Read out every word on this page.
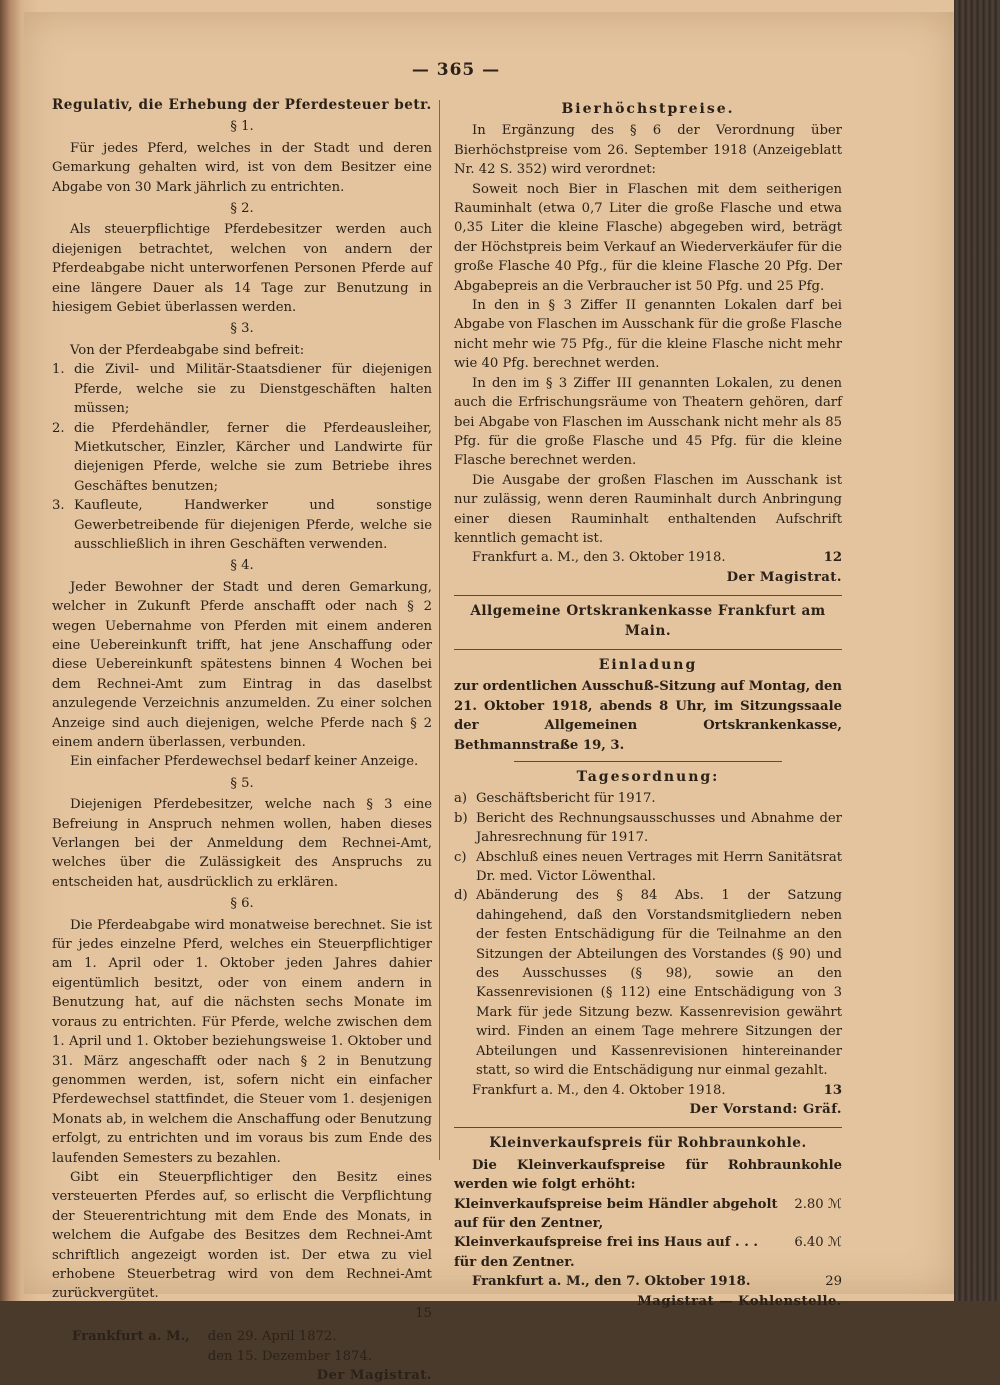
— 365 —
Regulativ, die Erhebung der Pferdesteuer betr.
§ 1.

Für jedes Pferd, welches in der Stadt und deren Gemarkung gehalten wird, ist von dem Besitzer eine Abgabe von 30 Mark jährlich zu entrichten.

§ 2.

Als steuerpflichtige Pferdebesitzer werden auch diejenigen betrachtet, welchen von andern der Pferdeabgabe nicht unterworfenen Personen Pferde auf eine längere Dauer als 14 Tage zur Benutzung in hiesigem Gebiet überlassen werden.

§ 3.

Von der Pferdeabgabe sind befreit:

1. die Zivil- und Militär-Staatsdiener für diejenigen Pferde, welche sie zu Dienstgeschäften halten müssen;
2. die Pferdehändler, ferner die Pferdeausleiher, Mietkutscher, Einzler, Kärcher und Landwirte für diejenigen Pferde, welche sie zum Betriebe ihres Geschäftes benutzen;
3. Kaufleute, Handwerker und sonstige Gewerbetreibende für diejenigen Pferde, welche sie ausschließlich in ihren Geschäften verwenden.
§ 4.

Jeder Bewohner der Stadt und deren Gemarkung, welcher in Zukunft Pferde anschafft oder nach § 2 wegen Uebernahme von Pferden mit einem anderen eine Uebereinkunft trifft, hat jene Anschaffung oder diese Uebereinkunft spätestens binnen 4 Wochen bei dem Rechnei-Amt zum Eintrag in das daselbst anzulegende Verzeichnis anzumelden. Zu einer solchen Anzeige sind auch diejenigen, welche Pferde nach § 2 einem andern überlassen, verbunden.

Ein einfacher Pferdewechsel bedarf keiner Anzeige.

§ 5.

Diejenigen Pferdebesitzer, welche nach § 3 eine Befreiung in Anspruch nehmen wollen, haben dieses Verlangen bei der Anmeldung dem Rechnei-Amt, welches über die Zulässigkeit des Anspruchs zu entscheiden hat, ausdrücklich zu erklären.

§ 6.

Die Pferdeabgabe wird monatweise berechnet. Sie ist für jedes einzelne Pferd, welches ein Steuerpflichtiger am 1. April oder 1. Oktober jeden Jahres dahier eigentümlich besitzt, oder von einem andern in Benutzung hat, auf die nächsten sechs Monate im voraus zu entrichten. Für Pferde, welche zwischen dem 1. April und 1. Oktober beziehungsweise 1. Oktober und 31. März angeschafft oder nach § 2 in Benutzung genommen werden, ist, sofern nicht ein einfacher Pferdewechsel stattfindet, die Steuer vom 1. desjenigen Monats ab, in welchem die Anschaffung oder Benutzung erfolgt, zu entrichten und im voraus bis zum Ende des laufenden Semesters zu bezahlen.

Gibt ein Steuerpflichtiger den Besitz eines versteuerten Pferdes auf, so erlischt die Verpflichtung der Steuerentrichtung mit dem Ende des Monats, in welchem die Aufgabe des Besitzes dem Rechnei-Amt schriftlich angezeigt worden ist. Der etwa zu viel erhobene Steuerbetrag wird von dem Rechnei-Amt zurückvergütet.

15
Frankfurt a. M., den 29. April 1872.
den 15. Dezember 1874.
Der Magistrat.
Bierhöchstpreise.

In Ergänzung des § 6 der Verordnung über Bierhöchstpreise vom 26. September 1918 (Anzeigeblatt Nr. 42 S. 352) wird verordnet:

Soweit noch Bier in Flaschen mit dem seitherigen Rauminhalt (etwa 0,7 Liter die große Flasche und etwa 0,35 Liter die kleine Flasche) abgegeben wird, beträgt der Höchstpreis beim Verkauf an Wiederverkäufer für die große Flasche 40 Pfg., für die kleine Flasche 20 Pfg. Der Abgabepreis an die Verbraucher ist 50 Pfg. und 25 Pfg.

In den in § 3 Ziffer II genannten Lokalen darf bei Abgabe von Flaschen im Ausschank für die große Flasche nicht mehr wie 75 Pfg., für die kleine Flasche nicht mehr wie 40 Pfg. berechnet werden.

In den im § 3 Ziffer III genannten Lokalen, zu denen auch die Erfrischungsräume von Theatern gehören, darf bei Abgabe von Flaschen im Ausschank nicht mehr als 85 Pfg. für die große Flasche und 45 Pfg. für die kleine Flasche berechnet werden.

Die Ausgabe der großen Flaschen im Ausschank ist nur zulässig, wenn deren Rauminhalt durch Anbringung einer diesen Rauminhalt enthaltenden Aufschrift kenntlich gemacht ist.

Frankfurt a. M., den 3. Oktober 1918.	12
Der Magistrat.
Allgemeine Ortskrankenkasse Frankfurt am Main.
Einladung

zur ordentlichen Ausschuß-Sitzung auf Montag, den 21. Oktober 1918, abends 8 Uhr, im Sitzungssaale der Allgemeinen Ortskrankenkasse, Bethmannstraße 19, 3.

Tagesordnung:
a) Geschäftsbericht für 1917.
b) Bericht des Rechnungsausschusses und Abnahme der Jahresrechnung für 1917.
c) Abschluß eines neuen Vertrages mit Herrn Sanitätsrat Dr. med. Victor Löwenthal.
d) Abänderung des § 84 Abs. 1 der Satzung dahingehend, daß den Vorstandsmitgliedern neben der festen Entschädigung für die Teilnahme an den Sitzungen der Abteilungen des Vorstandes (§ 90) und des Ausschusses (§ 98), sowie an den Kassenrevisionen (§ 112) eine Entschädigung von 3 Mark für jede Sitzung bezw. Kassenrevision gewährt wird. Finden an einem Tage mehrere Sitzungen der Abteilungen und Kassenrevisionen hintereinander statt, so wird die Entschädigung nur einmal gezahlt.
Frankfurt a. M., den 4. Oktober 1918.	13
Der Vorstand: Gräf.
Kleinverkaufspreis für Rohbraunkohle.

Die Kleinverkaufspreise für Rohbraunkohle werden wie folgt erhöht:

Kleinverkaufspreise beim Händler abgeholt auf für den Zentner,
2.80 ℳ
Kleinverkaufspreise frei ins Haus auf . . . für den Zentner.
6.40 ℳ
Frankfurt a. M., den 7. Oktober 1918.	29
Magistrat — Kohlenstelle.
